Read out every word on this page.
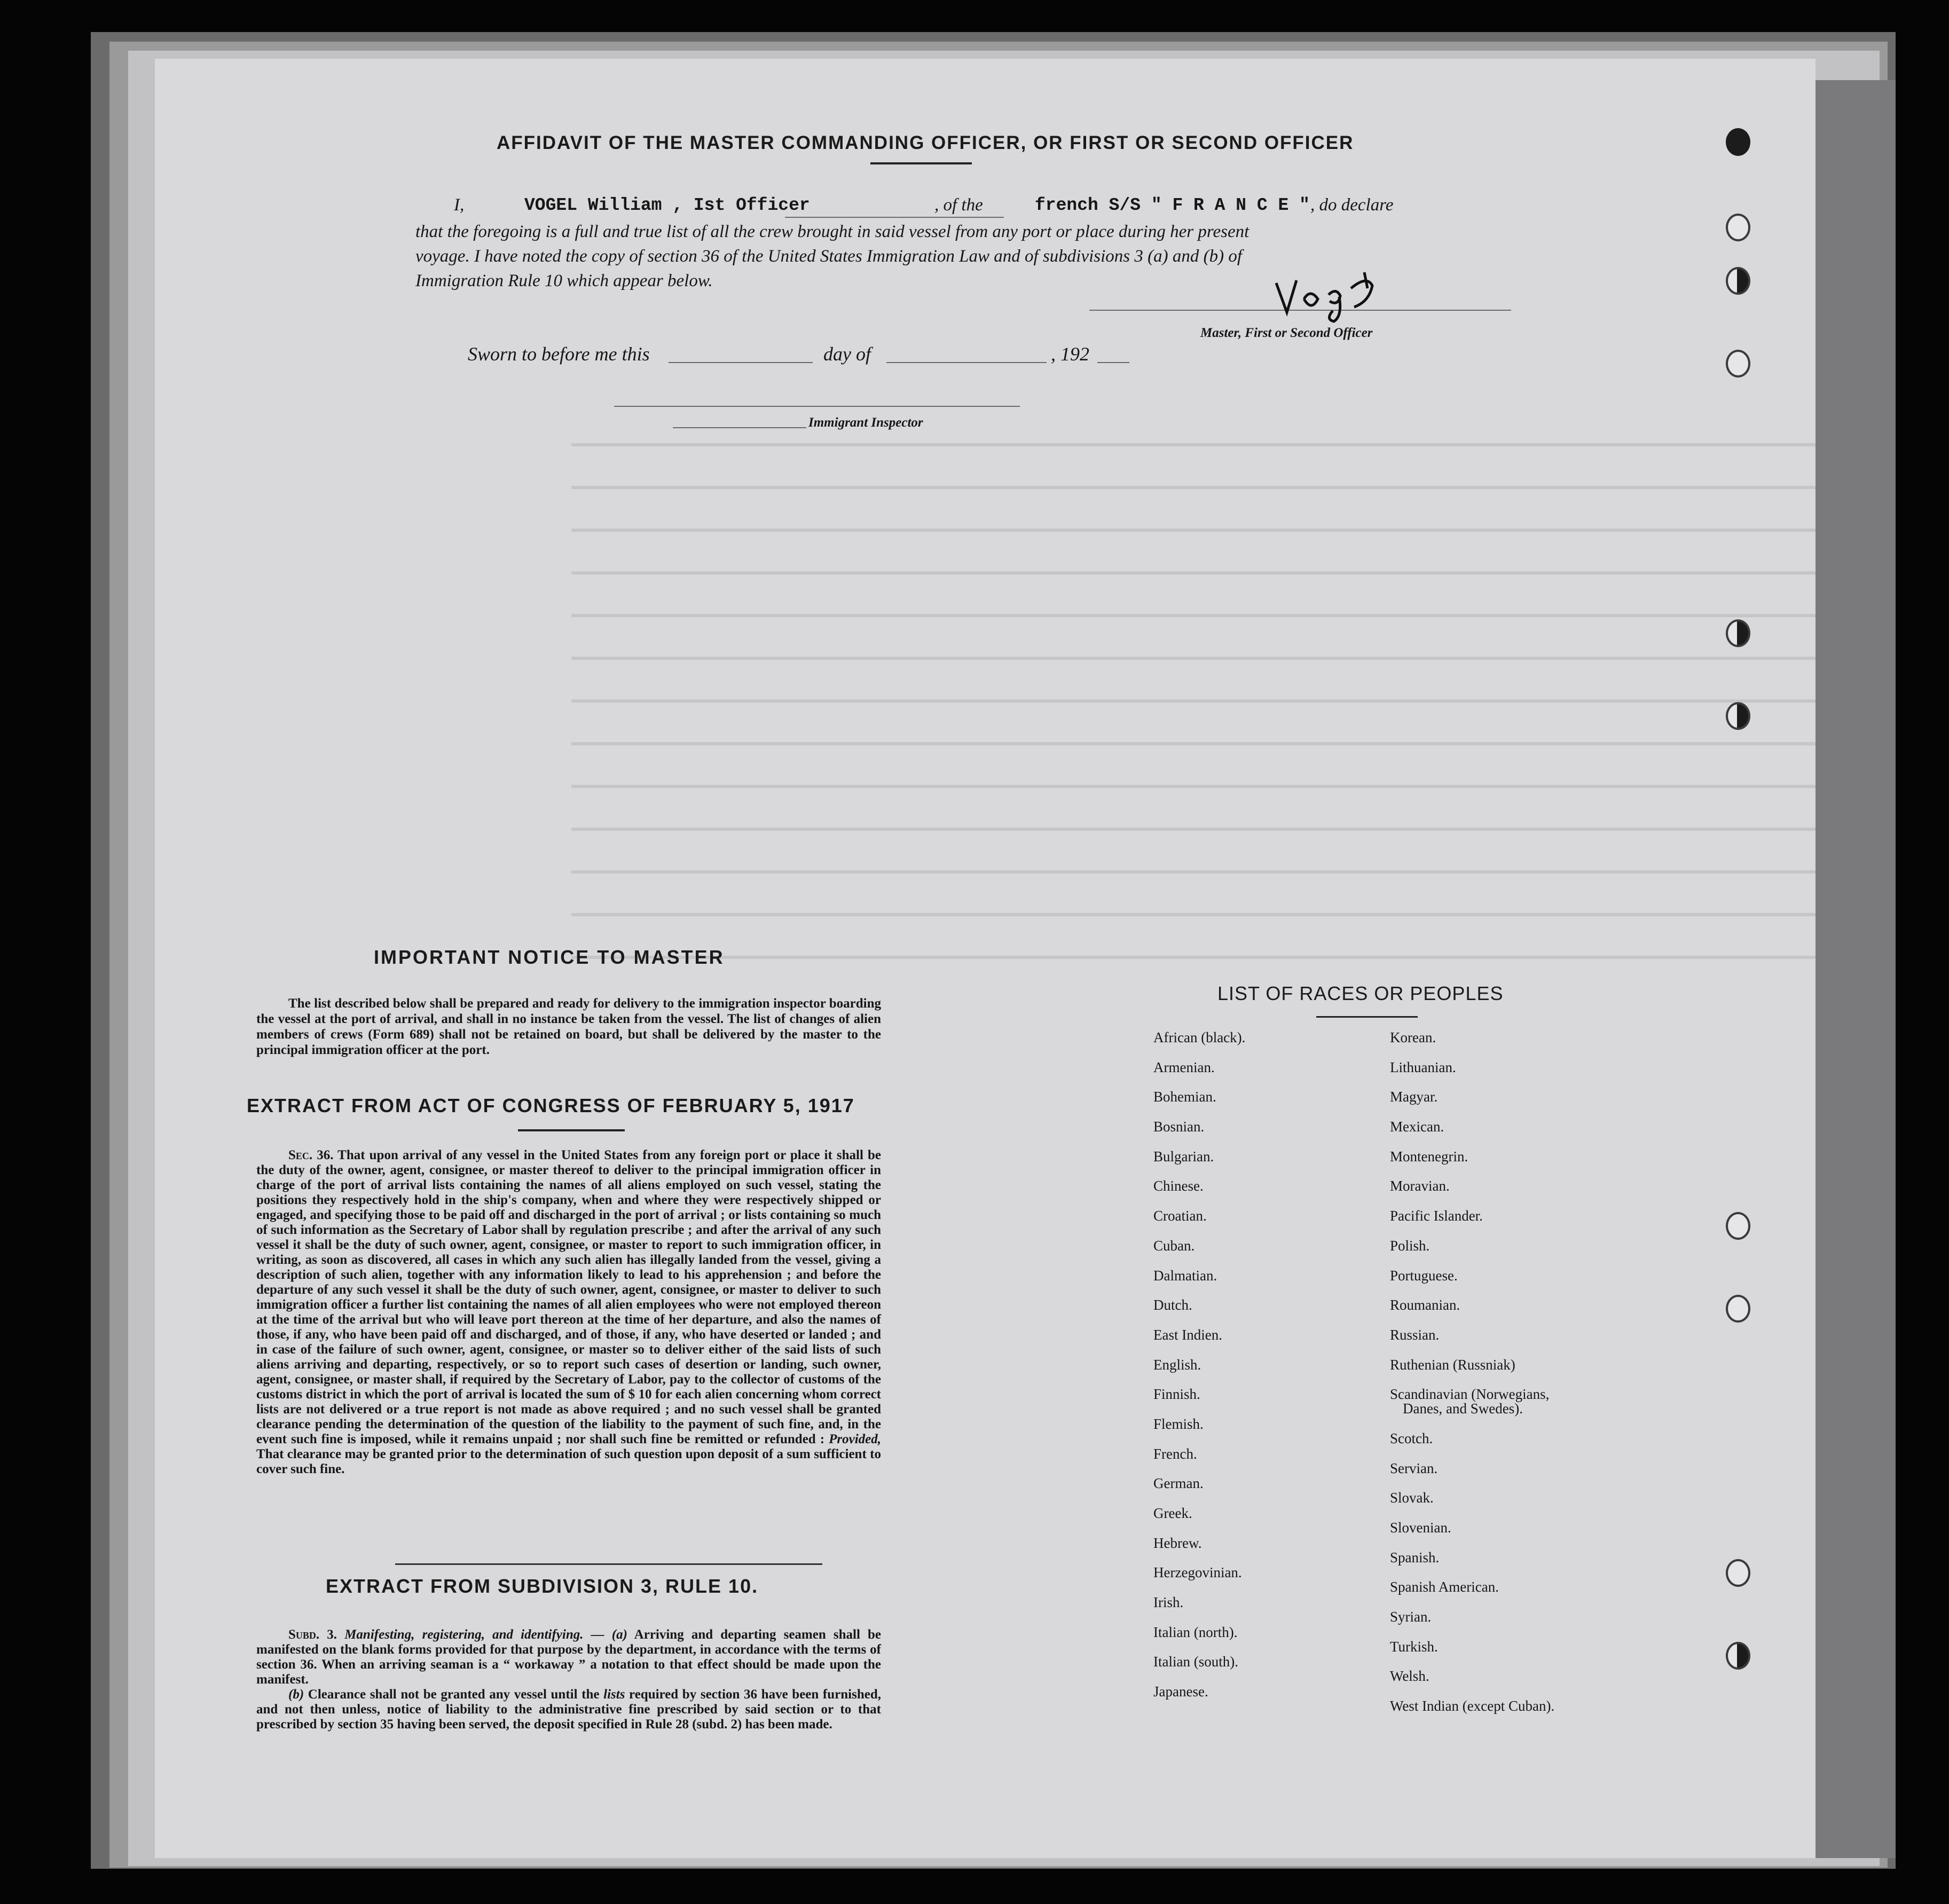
AFFIDAVIT OF THE MASTER COMMANDING OFFICER, OR FIRST OR SECOND OFFICER
I,	VOGEL William , Ist Officer	, of the	french S/S " F R A N C E " , do declare
that the foregoing is a full and true list of all the crew brought in said vessel from any port or place during her present
voyage. I have noted the copy of section 36 of the United States Immigration Law and of subdivisions 3 (a) and (b) of
Immigration Rule 10 which appear below.
Master, First or Second Officer
Sworn to before me this	day of	, 192
Immigrant Inspector
IMPORTANT NOTICE TO MASTER
The list described below shall be prepared and ready for delivery to the immigration inspector boarding the vessel at the port of arrival, and shall in no instance be taken from the vessel. The list of changes of alien members of crews (Form 689) shall not be retained on board, but shall be delivered by the master to the principal immigration officer at the port.
EXTRACT FROM ACT OF CONGRESS OF FEBRUARY 5, 1917
Sec. 36. That upon arrival of any vessel in the United States from any foreign port or place it shall be the duty of the owner, agent, consignee, or master thereof to deliver to the principal immigration officer in charge of the port of arrival lists containing the names of all aliens employed on such vessel, stating the positions they respectively hold in the ship's company, when and where they were respectively shipped or engaged, and specifying those to be paid off and discharged in the port of arrival ; or lists containing so much of such information as the Secretary of Labor shall by regulation prescribe ; and after the arrival of any such vessel it shall be the duty of such owner, agent, consignee, or master to report to such immigration officer, in writing, as soon as discovered, all cases in which any such alien has illegally landed from the vessel, giving a description of such alien, together with any information likely to lead to his apprehension ; and before the departure of any such vessel it shall be the duty of such owner, agent, consignee, or master to deliver to such immigration officer a further list containing the names of all alien employees who were not employed thereon at the time of the arrival but who will leave port thereon at the time of her departure, and also the names of those, if any, who have been paid off and discharged, and of those, if any, who have deserted or landed ; and in case of the failure of such owner, agent, consignee, or master so to deliver either of the said lists of such aliens arriving and departing, respectively, or so to report such cases of desertion or landing, such owner, agent, consignee, or master shall, if required by the Secretary of Labor, pay to the collector of customs of the customs district in which the port of arrival is located the sum of $ 10 for each alien concerning whom correct lists are not delivered or a true report is not made as above required ; and no such vessel shall be granted clearance pending the determination of the question of the liability to the payment of such fine, and, in the event such fine is imposed, while it remains unpaid ; nor shall such fine be remitted or refunded : Provided, That clearance may be granted prior to the determination of such question upon deposit of a sum sufficient to cover such fine.
EXTRACT FROM SUBDIVISION 3, RULE 10.
Subd. 3. Manifesting, registering, and identifying. — (a) Arriving and departing seamen shall be manifested on the blank forms provided for that purpose by the department, in accordance with the terms of section 36. When an arriving seaman is a “ workaway ” a notation to that effect should be made upon the manifest.
(b) Clearance shall not be granted any vessel until the lists required by section 36 have been furnished, and not then unless, notice of liability to the administrative fine prescribed by said section or to that prescribed by section 35 having been served, the deposit specified in Rule 28 (subd. 2) has been made.
LIST OF RACES OR PEOPLES
African (black).
Armenian.
Bohemian.
Bosnian.
Bulgarian.
Chinese.
Croatian.
Cuban.
Dalmatian.
Dutch.
East Indien.
English.
Finnish.
Flemish.
French.
German.
Greek.
Hebrew.
Herzegovinian.
Irish.
Italian (north).
Italian (south).
Japanese.
Korean.
Lithuanian.
Magyar.
Mexican.
Montenegrin.
Moravian.
Pacific Islander.
Polish.
Portuguese.
Roumanian.
Russian.
Ruthenian (Russniak)
Scandinavian (Norwegians,
Danes, and Swedes).
Scotch.
Servian.
Slovak.
Slovenian.
Spanish.
Spanish American.
Syrian.
Turkish.
Welsh.
West Indian (except Cuban).
